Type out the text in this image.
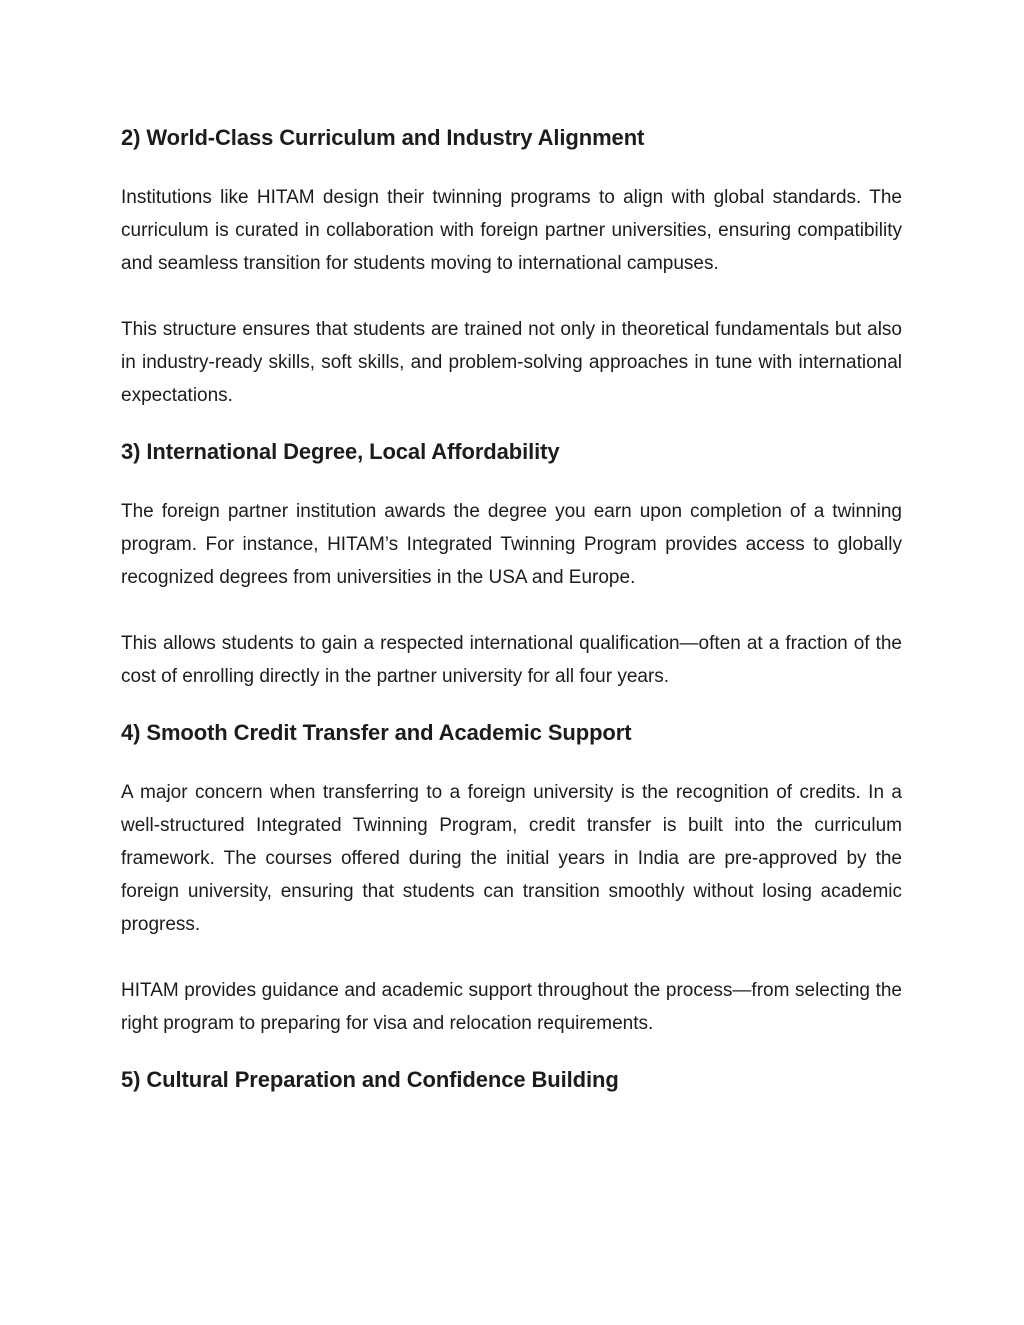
2) World-Class Curriculum and Industry Alignment

Institutions like HITAM design their twinning programs to align with global standards. The curriculum is curated in collaboration with foreign partner universities, ensuring compatibility and seamless transition for students moving to international campuses.

This structure ensures that students are trained not only in theoretical fundamentals but also in industry-ready skills, soft skills, and problem-solving approaches in tune with international expectations.

3) International Degree, Local Affordability

The foreign partner institution awards the degree you earn upon completion of a twinning program. For instance, HITAM’s Integrated Twinning Program provides access to globally recognized degrees from universities in the USA and Europe.

This allows students to gain a respected international qualification—often at a fraction of the cost of enrolling directly in the partner university for all four years.

4) Smooth Credit Transfer and Academic Support

A major concern when transferring to a foreign university is the recognition of credits. In a well-structured Integrated Twinning Program, credit transfer is built into the curriculum framework. The courses offered during the initial years in India are pre-approved by the foreign university, ensuring that students can transition smoothly without losing academic progress.

HITAM provides guidance and academic support throughout the process—from selecting the right program to preparing for visa and relocation requirements.

5) Cultural Preparation and Confidence Building
